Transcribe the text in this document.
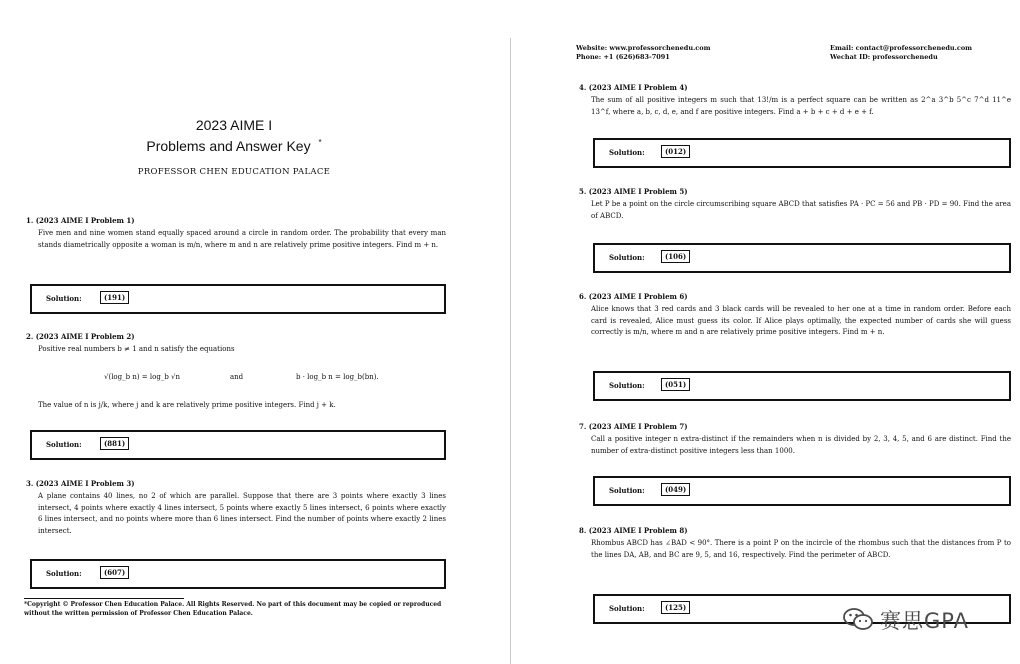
2023 AIME I
Problems and Answer Key *
PROFESSOR CHEN EDUCATION PALACE

1. (2023 AIME I Problem 1)

Five men and nine women stand equally spaced around a circle in random order. The probability that every man stands diametrically opposite a woman is m/n, where m and n are relatively prime positive integers. Find m + n.

Solution:	(191)

2. (2023 AIME I Problem 2)

Positive real numbers b ≠ 1 and n satisfy the equations

√(log_b n) = log_b √n	and	b · log_b n = log_b(bn).

The value of n is j/k, where j and k are relatively prime positive integers. Find j + k.

Solution:	(881)

3. (2023 AIME I Problem 3)

A plane contains 40 lines, no 2 of which are parallel. Suppose that there are 3 points where exactly 3 lines intersect, 4 points where exactly 4 lines intersect, 5 points where exactly 5 lines intersect, 6 points where exactly 6 lines intersect, and no points where more than 6 lines intersect. Find the number of points where exactly 2 lines intersect.

Solution:	(607)
*Copyright © Professor Chen Education Palace. All Rights Reserved. No part of this document may be copied or reproduced without the written permission of Professor Chen Education Palace.
Website: www.professorchenedu.com
Phone: +1 (626)683-7091
Email: contact@professorchenedu.com
Wechat ID: professorchenedu

4. (2023 AIME I Problem 4)

The sum of all positive integers m such that 13!/m is a perfect square can be written as 2^a 3^b 5^c 7^d 11^e 13^f, where a, b, c, d, e, and f are positive integers. Find a + b + c + d + e + f.

Solution:	(012)

5. (2023 AIME I Problem 5)

Let P be a point on the circle circumscribing square ABCD that satisfies PA · PC = 56 and PB · PD = 90. Find the area of ABCD.

Solution:	(106)

6. (2023 AIME I Problem 6)

Alice knows that 3 red cards and 3 black cards will be revealed to her one at a time in random order. Before each card is revealed, Alice must guess its color. If Alice plays optimally, the expected number of cards she will guess correctly is m/n, where m and n are relatively prime positive integers. Find m + n.

Solution:	(051)

7. (2023 AIME I Problem 7)

Call a positive integer n extra-distinct if the remainders when n is divided by 2, 3, 4, 5, and 6 are distinct. Find the number of extra-distinct positive integers less than 1000.

Solution:	(049)

8. (2023 AIME I Problem 8)

Rhombus ABCD has ∠BAD < 90°. There is a point P on the incircle of the rhombus such that the distances from P to the lines DA, AB, and BC are 9, 5, and 16, respectively. Find the perimeter of ABCD.

Solution:	(125)
赛思GPA
